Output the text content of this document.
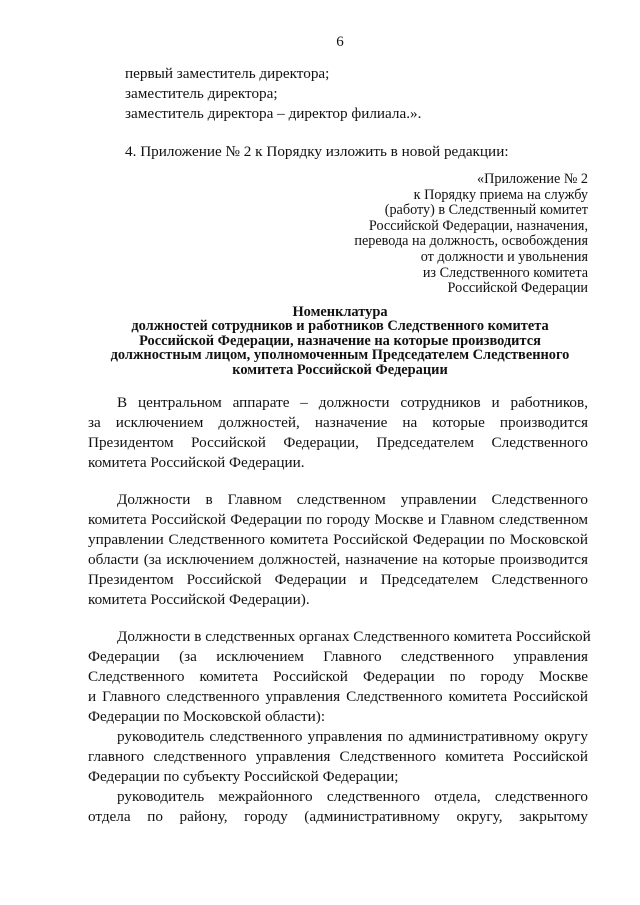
6
первый заместитель директора;
заместитель директора;
заместитель директора – директор филиала.».
4. Приложение № 2 к Порядку изложить в новой редакции:
«Приложение № 2
к Порядку приема на службу
(работу) в Следственный комитет
Российской Федерации, назначения,
перевода на должность, освобождения
от должности и увольнения
из Следственного комитета
Российской Федерации
Номенклатура
должностей сотрудников и работников Следственного комитета
Российской Федерации, назначение на которые производится
должностным лицом, уполномоченным Председателем Следственного
комитета Российской Федерации
В центральном аппарате – должности сотрудников и работников,
за исключением должностей, назначение на которые производится
Президентом Российской Федерации, Председателем Следственного
комитета Российской Федерации.
Должности в Главном следственном управлении Следственного
комитета Российской Федерации по городу Москве и Главном следственном
управлении Следственного комитета Российской Федерации по Московской
области (за исключением должностей, назначение на которые производится
Президентом Российской Федерации и Председателем Следственного
комитета Российской Федерации).
Должности в следственных органах Следственного комитета Российской
Федерации (за исключением Главного следственного управления
Следственного комитета Российской Федерации по городу Москве
и Главного следственного управления Следственного комитета Российской
Федерации по Московской области):
руководитель следственного управления по административному округу
главного следственного управления Следственного комитета Российской
Федерации по субъекту Российской Федерации;
руководитель межрайонного следственного отдела, следственного
отдела по району, городу (административному округу, закрытому
